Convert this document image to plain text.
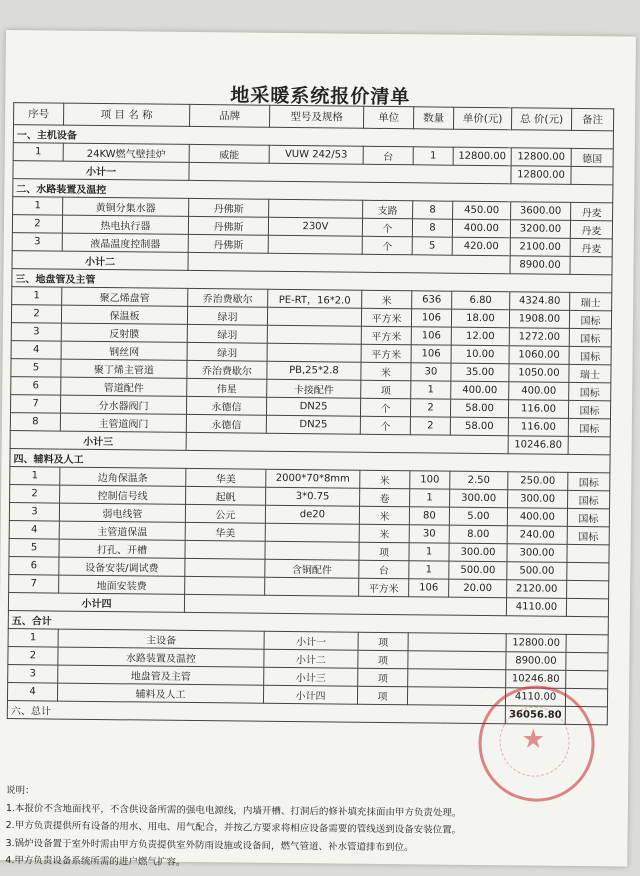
地采暖系统报价清单
序号	项 目 名 称	品牌	型号及规格	单位	数量	单价(元)	总 价(元)	备注
一、主机设备								
1	24KW燃气壁挂炉	威能	VUW 242/53	台	1	12800.00	12800.00	德国
小计一							12800.00	
二、水路装置及温控								
1	黄铜分集水器	丹佛斯		支路	8	450.00	3600.00	丹麦
2	热电执行器	丹佛斯	230V	个	8	400.00	3200.00	丹麦
3	液晶温度控制器	丹佛斯		个	5	420.00	2100.00	丹麦
小计二							8900.00	
三、地盘管及主管								
1	聚乙烯盘管	乔治费歇尔	PE-RT，16*2.0	米	636	6.80	4324.80	瑞士
2	保温板	绿羽		平方米	106	18.00	1908.00	国标
3	反射膜	绿羽		平方米	106	12.00	1272.00	国标
4	钢丝网	绿羽		平方米	106	10.00	1060.00	国标
5	聚丁烯主管道	乔治费歇尔	PB,25*2.8	米	30	35.00	1050.00	瑞士
6	管道配件	伟星	卡接配件	项	1	400.00	400.00	国标
7	分水器阀门	永德信	DN25	个	2	58.00	116.00	国标
8	主管道阀门	永德信	DN25	个	2	58.00	116.00	国标
小计三							10246.80	
四、辅料及人工								
1	边角保温条	华美	2000*70*8mm	米	100	2.50	250.00	国标
2	控制信号线	起帆	3*0.75	卷	1	300.00	300.00	国标
3	弱电线管	公元	de20	米	80	5.00	400.00	国标
4	主管道保温	华美		米	30	8.00	240.00	国标
5	打孔、开槽			项	1	300.00	300.00	
6	设备安装/调试费		含铜配件	台	1	500.00	500.00	
7	地面安装费			平方米	106	20.00	2120.00	
小计四							4110.00	
五、合计								
1	主设备		小计一	项			12800.00	
2	水路装置及温控		小计二	项			8900.00	
3	地盘管及主管		小计三	项			10246.80	
4	辅料及人工		小计四	项			4110.00	
六、总计							36056.80	
说明：
1.本报价不含地面找平，不含供设备所需的强电电源线，内墙开槽、打洞后的修补填充抹面由甲方负责处理。
2.甲方负责提供所有设备的用水、用电、用气配合，并按乙方要求将相应设备需要的管线送到设备安装位置。
3.锅炉设备置于室外时需由甲方负责提供室外防雨设施或设备间，燃气管道、补水管道排布到位。
4.甲方负责设备系统所需的进户燃气扩容。
★
